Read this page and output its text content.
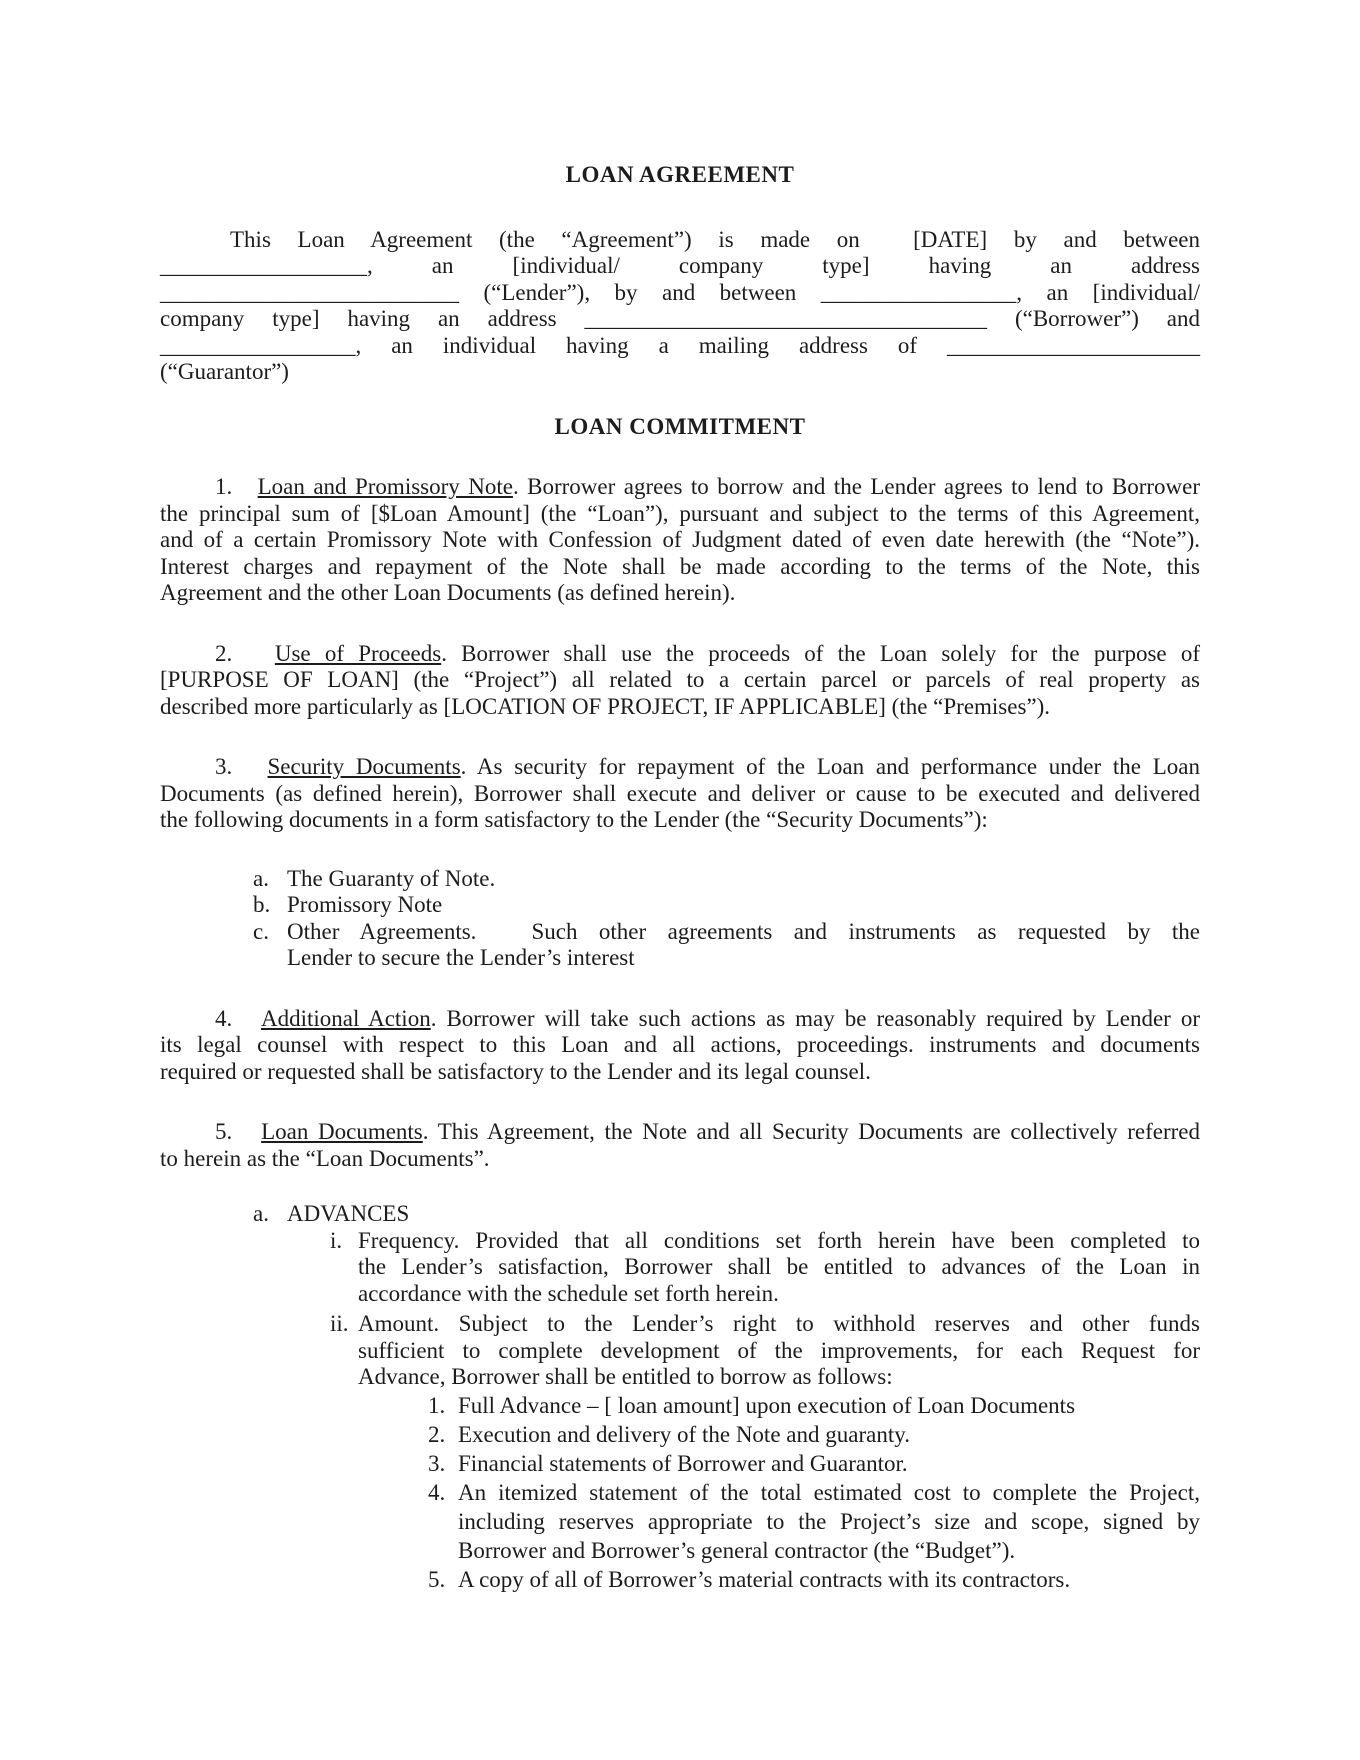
LOAN AGREEMENT
This Loan Agreement (the “Agreement”) is made on  [DATE] by and between
__________________, an [individual/ company type] having an address
__________________________ (“Lender”), by and between _________________, an [individual/
company type] having an address ___________________________________ (“Borrower”) and
_________________, an individual having a mailing address of ______________________
(“Guarantor”)
LOAN COMMITMENT
1.   Loan and Promissory Note. Borrower agrees to borrow and the Lender agrees to lend to Borrower
the principal sum of [$Loan Amount] (the “Loan”), pursuant and subject to the terms of this Agreement,
and of a certain Promissory Note with Confession of Judgment dated of even date herewith (the “Note”).
Interest charges and repayment of the Note shall be made according to the terms of the Note, this
Agreement and the other Loan Documents (as defined herein).
2.   Use of Proceeds. Borrower shall use the proceeds of the Loan solely for the purpose of
[PURPOSE OF LOAN] (the “Project”) all related to a certain parcel or parcels of real property as
described more particularly as [LOCATION OF PROJECT, IF APPLICABLE] (the “Premises”).
3.   Security Documents. As security for repayment of the Loan and performance under the Loan
Documents (as defined herein), Borrower shall execute and deliver or cause to be executed and delivered
the following documents in a form satisfactory to the Lender (the “Security Documents”):
a. The Guaranty of Note.
b. Promissory Note
c. Other Agreements. Such other agreements and instruments as requested by the
Lender to secure the Lender’s interest
4.   Additional Action. Borrower will take such actions as may be reasonably required by Lender or
its legal counsel with respect to this Loan and all actions, proceedings. instruments and documents
required or requested shall be satisfactory to the Lender and its legal counsel.
5.   Loan Documents. This Agreement, the Note and all Security Documents are collectively referred
to herein as the “Loan Documents”.
a. ADVANCES
i. Frequency. Provided that all conditions set forth herein have been completed to
the Lender’s satisfaction, Borrower shall be entitled to advances of the Loan in
accordance with the schedule set forth herein.
ii. Amount. Subject to the Lender’s right to withhold reserves and other funds
sufficient to complete development of the improvements, for each Request for
Advance, Borrower shall be entitled to borrow as follows:
1. Full Advance – [ loan amount] upon execution of Loan Documents
2. Execution and delivery of the Note and guaranty.
3. Financial statements of Borrower and Guarantor.
4. An itemized statement of the total estimated cost to complete the Project,
including reserves appropriate to the Project’s size and scope, signed by
Borrower and Borrower’s general contractor (the “Budget”).
5. A copy of all of Borrower’s material contracts with its contractors.
